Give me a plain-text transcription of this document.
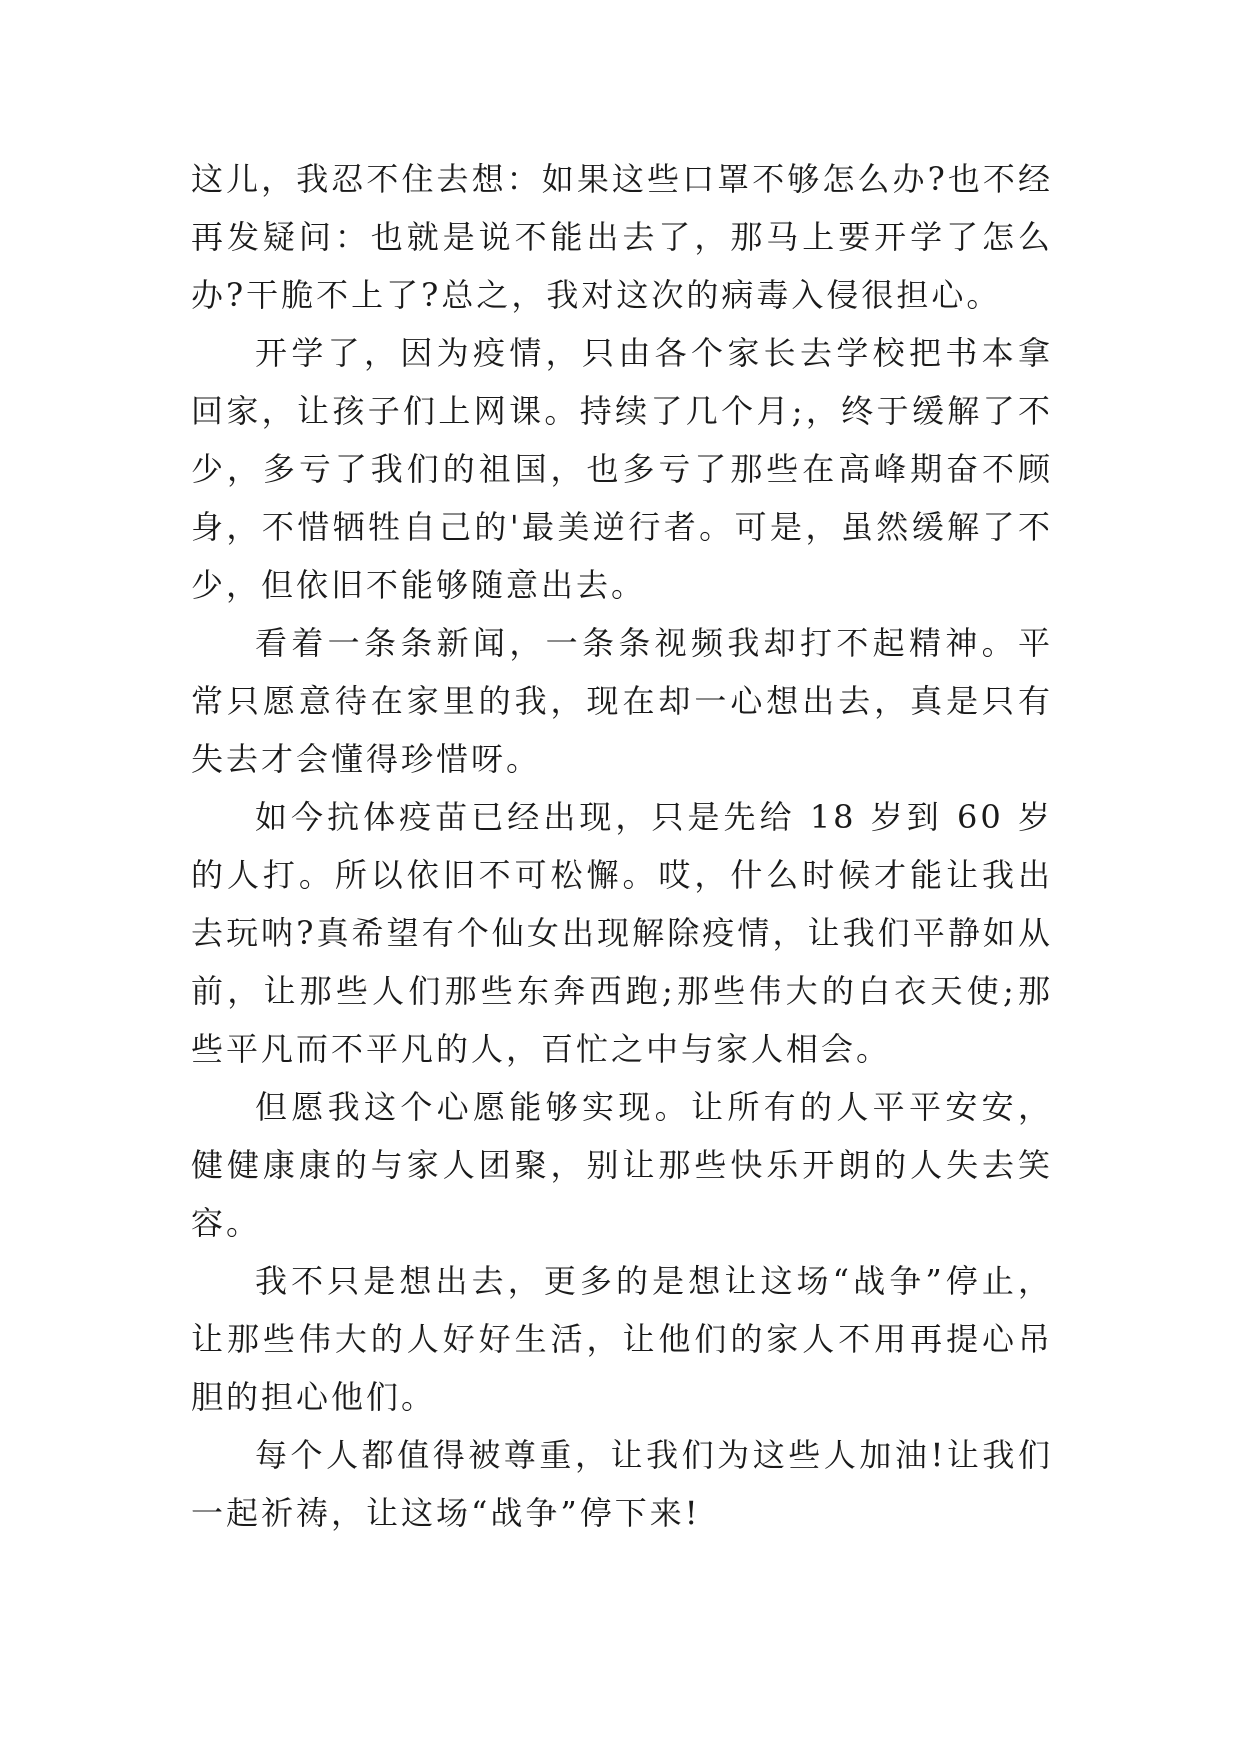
这儿，我忍不住去想：如果这些口罩不够怎么办?也不经再发疑问：也就是说不能出去了，那马上要开学了怎么办?干脆不上了?总之，我对这次的病毒入侵很担心。

开学了，因为疫情，只由各个家长去学校把书本拿回家，让孩子们上网课。持续了几个月;，终于缓解了不少，多亏了我们的祖国，也多亏了那些在高峰期奋不顾身，不惜牺牲自己的'最美逆行者。可是，虽然缓解了不少，但依旧不能够随意出去。

看着一条条新闻，一条条视频我却打不起精神。平常只愿意待在家里的我，现在却一心想出去，真是只有失去才会懂得珍惜呀。

如今抗体疫苗已经出现，只是先给 18 岁到 60 岁的人打。所以依旧不可松懈。哎，什么时候才能让我出去玩呐?真希望有个仙女出现解除疫情，让我们平静如从前，让那些人们那些东奔西跑;那些伟大的白衣天使;那些平凡而不平凡的人，百忙之中与家人相会。

但愿我这个心愿能够实现。让所有的人平平安安，健健康康的与家人团聚，别让那些快乐开朗的人失去笑容。

我不只是想出去，更多的是想让这场“战争”停止，让那些伟大的人好好生活，让他们的家人不用再提心吊胆的担心他们。

每个人都值得被尊重，让我们为这些人加油!让我们一起祈祷，让这场“战争”停下来!
